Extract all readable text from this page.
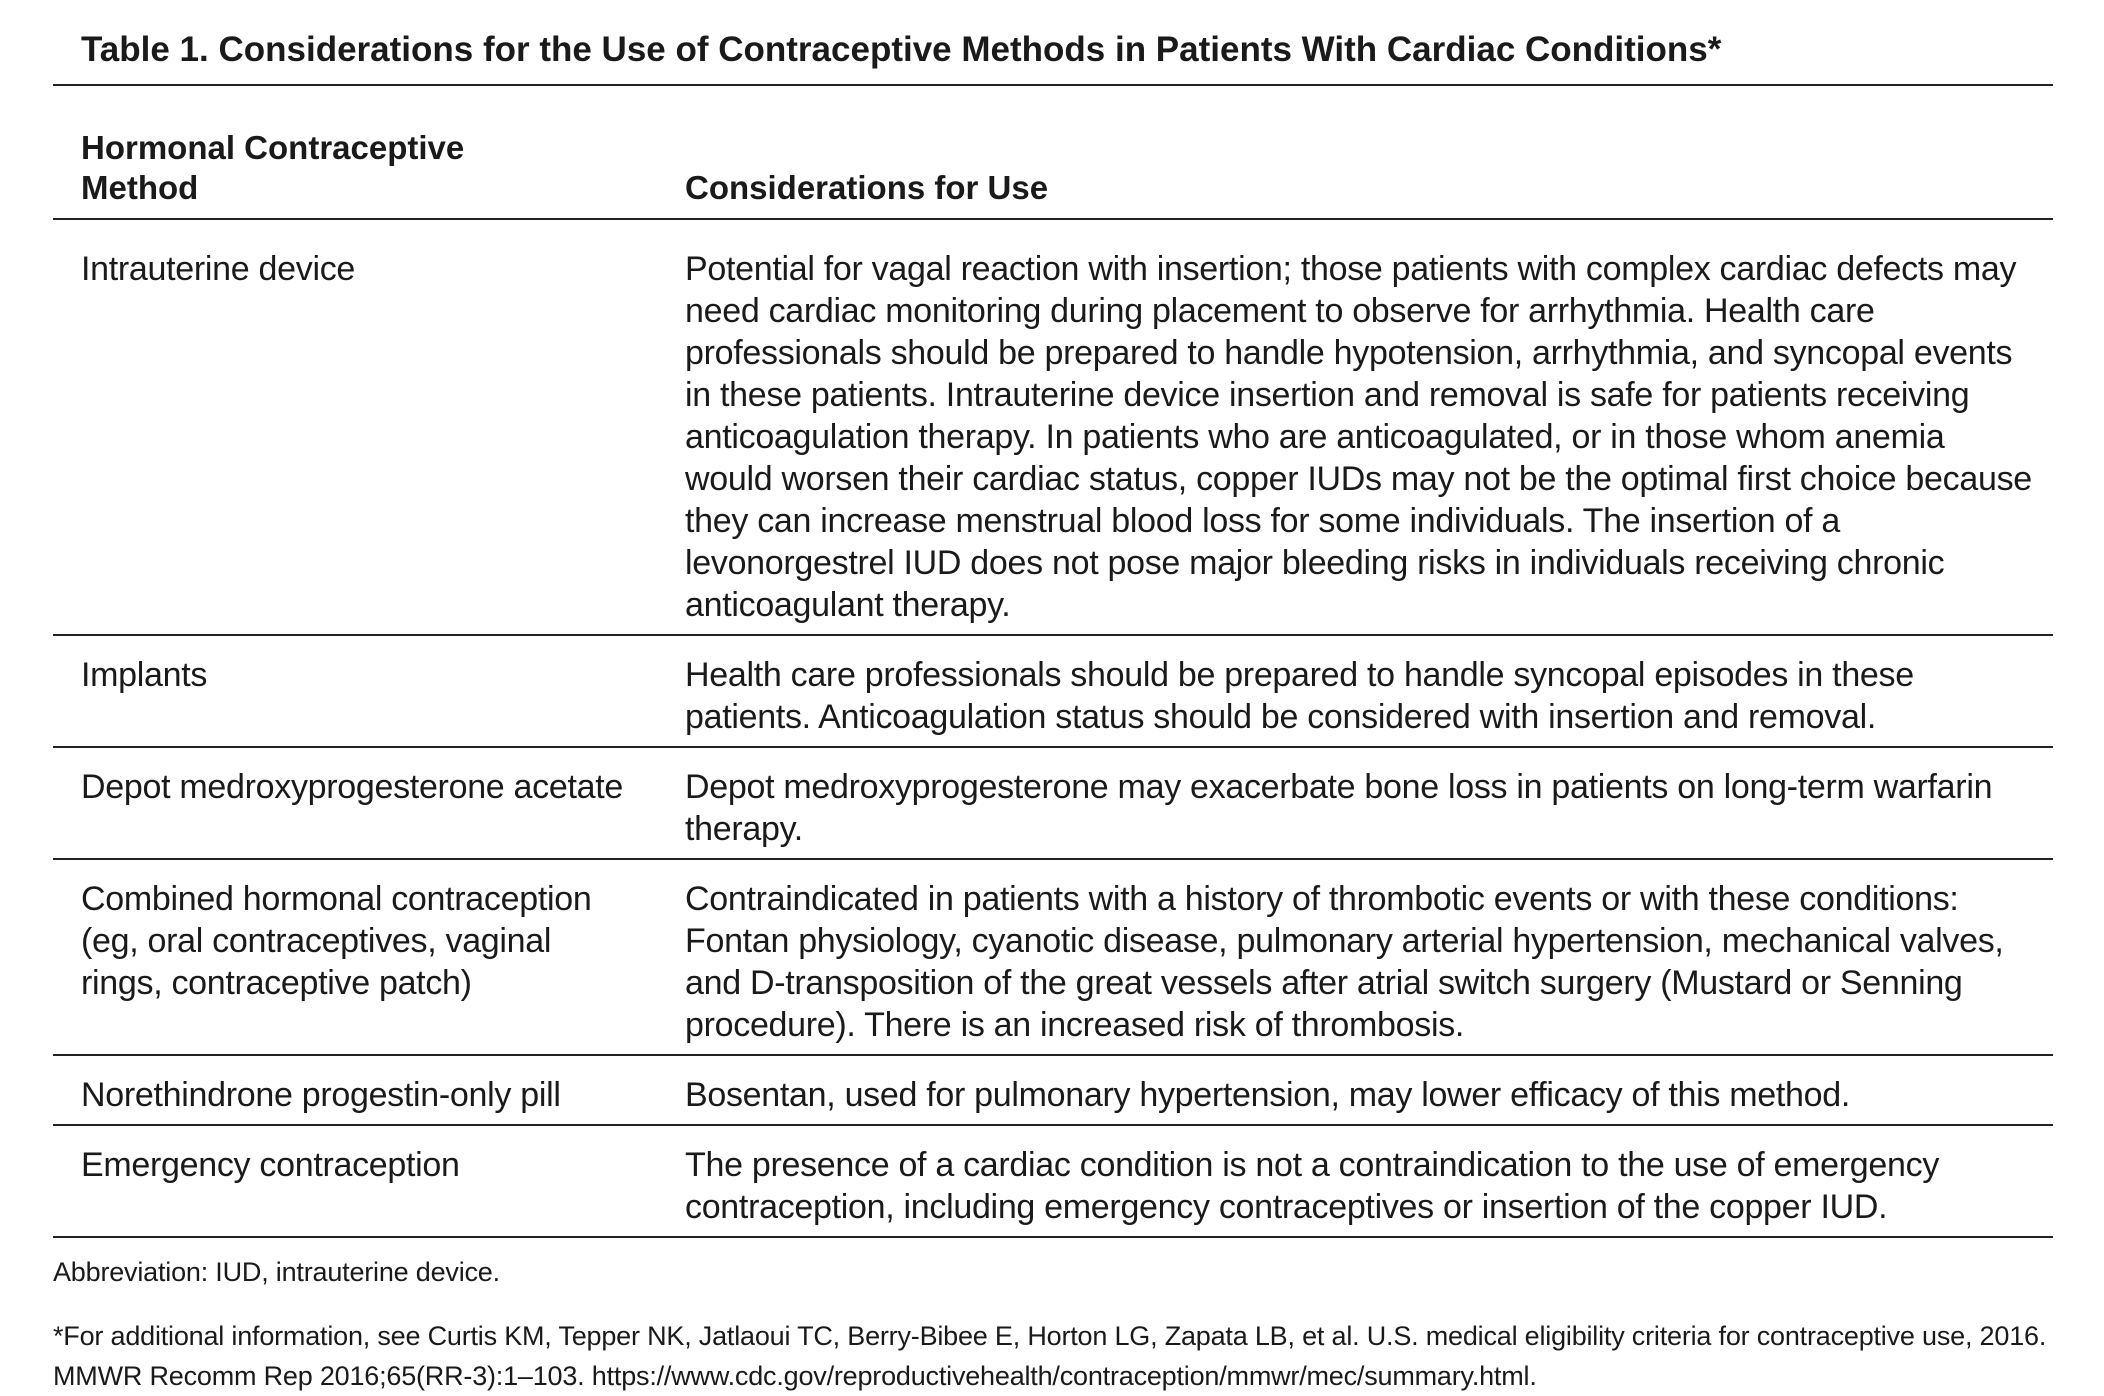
Table 1. Considerations for the Use of Contraceptive Methods in Patients With Cardiac Conditions*
Hormonal Contraceptive Method	Considerations for Use
Intrauterine device	Potential for vagal reaction with insertion; those patients with complex cardiac defects may need cardiac monitoring during placement to observe for arrhythmia. Health care professionals should be prepared to handle hypotension, arrhythmia, and syncopal events in these patients. Intrauterine device insertion and removal is safe for patients receiving anticoagulation therapy. In patients who are anticoagulated, or in those whom anemia would worsen their cardiac status, copper IUDs may not be the optimal first choice because they can increase menstrual blood loss for some individuals. The insertion of a levonorgestrel IUD does not pose major bleeding risks in individuals receiving chronic anticoagulant therapy.
Implants	Health care professionals should be prepared to handle syncopal episodes in these patients. Anticoagulation status should be considered with insertion and removal.
Depot medroxyprogesterone acetate	Depot medroxyprogesterone may exacerbate bone loss in patients on long-term warfarin therapy.
Combined hormonal contraception (eg, oral contraceptives, vaginal rings, contraceptive patch)	Contraindicated in patients with a history of thrombotic events or with these conditions: Fontan physiology, cyanotic disease, pulmonary arterial hypertension, mechanical valves, and D-transposition of the great vessels after atrial switch surgery (Mustard or Senning procedure). There is an increased risk of thrombosis.
Norethindrone progestin-only pill	Bosentan, used for pulmonary hypertension, may lower efficacy of this method.
Emergency contraception	The presence of a cardiac condition is not a contraindication to the use of emergency contraception, including emergency contraceptives or insertion of the copper IUD.

Abbreviation: IUD, intrauterine device.

*For additional information, see Curtis KM, Tepper NK, Jatlaoui TC, Berry-Bibee E, Horton LG, Zapata LB, et al. U.S. medical eligibility criteria for contraceptive use, 2016. MMWR Recomm Rep 2016;65(RR-3):1–103. https://www.cdc.gov/reproductivehealth/contraception/mmwr/mec/summary.html.
